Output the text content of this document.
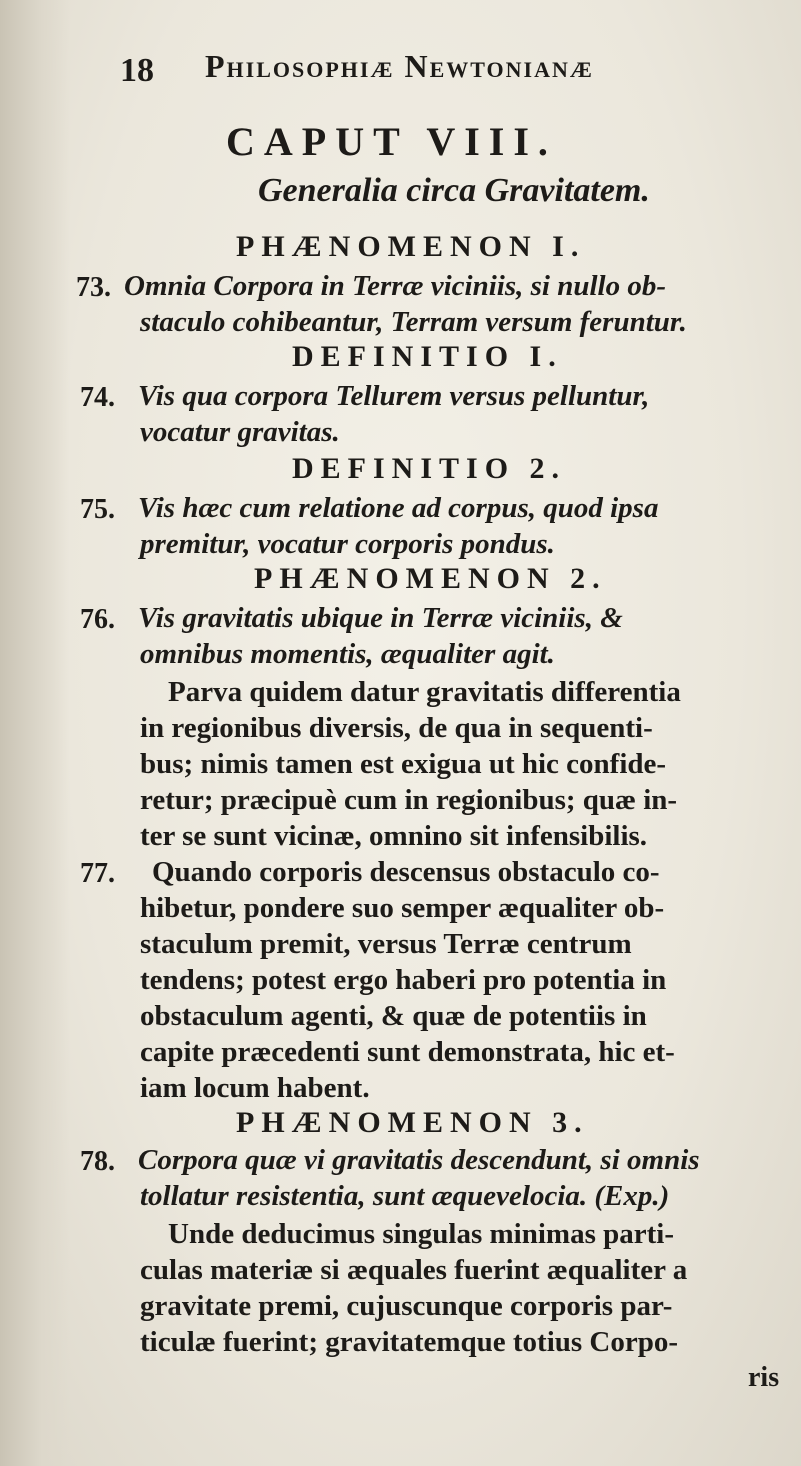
18 Philosophiæ Newtonianæ
CAPUT VIII.
Generalia circa Gravitatem.
PHÆNOMENON I.
73. Omnia Corpora in Terræ viciniis, si nullo ob-
staculo cohibeantur, Terram versum feruntur.
DEFINITIO I.
74. Vis qua corpora Tellurem versus pelluntur,
vocatur gravitas.
DEFINITIO 2.
75. Vis hæc cum relatione ad corpus, quod ipsa
premitur, vocatur corporis pondus.
PHÆNOMENON 2.
76. Vis gravitatis ubique in Terræ viciniis, &
omnibus momentis, æqualiter agit.
Parva quidem datur gravitatis differentia
in regionibus diversis, de qua in sequenti-
bus; nimis tamen est exigua ut hic confide-
retur; præcipuè cum in regionibus; quæ in-
ter se sunt vicinæ, omnino sit infensibilis.
77. Quando corporis descensus obstaculo co-
hibetur, pondere suo semper æqualiter ob-
staculum premit, versus Terræ centrum
tendens; potest ergo haberi pro potentia in
obstaculum agenti, & quæ de potentiis in
capite præcedenti sunt demonstrata, hic et-
iam locum habent.
PHÆNOMENON 3.
78. Corpora quæ vi gravitatis descendunt, si omnis
tollatur resistentia, sunt æquevelocia. (Exp.)
Unde deducimus singulas minimas parti-
culas materiæ si æquales fuerint æqualiter a
gravitate premi, cujuscunque corporis par-
ticulæ fuerint; gravitatemque totius Corpo-
ris
